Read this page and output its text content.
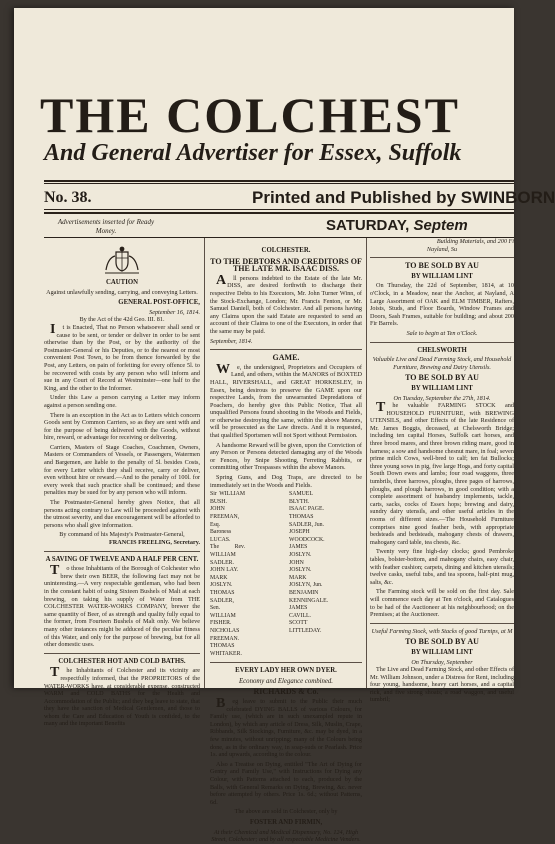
THE COLCHEST
And General Advertiser for Essex, Suffolk
No. 38.	Printed and Published by SWINBORN
Advertisements inserted for Ready Money.	SATURDAY, Septem
CAUTION
Against unlawfully sending, carrying, and conveying Letters.
GENERAL POST-OFFICE,
September 16, 1814.
By the Act of the 42d Geo. III. 81.

It is Enacted, That no Person whatsoever shall send or cause to be sent, or tender or deliver in order to be sent otherwise than by the Post, or by the authority of the Postmaster-General or his Deputies, or to the nearest or most convenient Post Town, to be from thence forwarded by the Post, any Letters, on pain of forfeiting for every offence 5l. to be recovered with costs by any person who will inform and sue in any Court of Record at Westminster—one half to the King, and the other to the Informer.

Under this Law a person carrying a Letter may inform against a person sending one.

There is an exception in the Act as to Letters which concern Goods sent by Common Carriers, so as they are sent with and for the purpose of being delivered with the Goods, without hire, reward, or advantage for receiving or delivering.

Carriers, Masters of Stage Coaches, Coachmen, Owners, Masters or Commanders of Vessels, or Passengers, Watermen and Bargemen, are liable to the penalty of 5l. besides Costs, for every Letter which they shall receive, carry or deliver, even without hire or reward.—And to the penalty of 100l. for every week that such practice shall be continued; and these penalties may be sued for by any person who will inform.

The Postmaster-General hereby gives Notice, that all persons acting contrary to Law will be proceeded against with the utmost severity, and due encouragement will be afforded to persons who shall give information.

By command of his Majesty's Postmaster-General,
FRANCIS FREELING, Secretary.
A SAVING OF TWELVE AND A HALF PER CENT.

To those Inhabitants of the Borough of Colchester who brew their own BEER, the following fact may not be uninteresting.—A very respectable gentleman, who had been in the constant habit of using Sixteen Bushels of Malt at each brewing, on taking his supply of Water from THE COLCHESTER WATER-WORKS COMPANY, brewer the same quantity of Beer, of as strength and quality fully equal to the former, from Fourteen Bushels of Malt only. We believe many other instances might be adduced of the peculiar fitness of this Water, and only for the purpose of brewing, but for all other domestic uses.

COLCHESTER HOT AND COLD BATHS.

The Inhabitants of Colchester and its vicinity are respectfully informed, that the PROPRIETORS of the WATER-WORKS have, at considerable expense, constructed WARM and COLD BATHS for the Health and Accommodation of the Public; and they beg leave to state, that they have the sanction of Medical Gentlemen, and those to whom the Care and Education of Youth is confided, to the many and the important Benefits

COLCHESTER.
TO THE DEBTORS AND CREDITORS OF THE LATE MR. ISAAC DISS.

All persons indebted to the Estate of the late Mr. DISS, are desired forthwith to discharge their respective Debts to his Executors, Mr. John Turner Winn, of the Stock-Exchange, London; Mr. Francis Fenton, or Mr. Samuel Daniell, both of Colchester. And all persons having any Claims upon the said Estate are requested to send an account of their Claims to one of the Executors, in order that the same may be paid.

September, 1814.
GAME.

We, the undersigned, Proprietors and Occupiers of Land, and others, within the MANORS of BOXTED HALL, RIVERSHALL, and GREAT HORKESLEY, in Essex, being desirous to preserve the GAME upon our respective Lands, from the unwarranted Depredations of Poachers, do hereby give this Public Notice, That all unqualified Persons found shooting in the Woods and Fields, or otherwise destroying the same, within the above Manors, will be prosecuted as the Law directs. And it is requested, that qualified Sportsmen will not Sport without Permission.

A handsome Reward will be given, upon the Conviction of any Person or Persons detected damaging any of the Woods or Fences, by Snipe Shooting, Ferreting Rabbits, or committing other Trespasses within the above Manors.

Spring Guns, and Dog Traps, are directed to be immediately set in the Woods and Fields.

Sir WILLIAM BUSH.
JOHN FREEMAN, Esq.
Baroness LUCAS.
The Rev. WILLIAM SADLER.
JOHN LAY.
MARK JOSLYN.
THOMAS SADLER, Sen.
WILLIAM FISHER.
NICHOLAS FREEMAN.
THOMAS WHITAKER.
SAMUEL BLYTH.
ISAAC PAGE.
THOMAS SADLER, Jun.
JOSEPH WOODCOCK.
JAMES JOSLYN.
JOHN JOSLYN.
MARK JOSLYN, Jun.
BENJAMIN KENNINGALE.
JAMES CAVILL.
SCOTT LITTLEDAY.
EVERY LADY HER OWN DYER.
Economy and Elegance combined.
RICHARDS & Co.

Beg leave to submit to the Public their much celebrated DYING BALLS of various Colours, for Family use, (which are in such unexampled repute in London), by which any article of Dress, Silk, Muslin, Crape, Ribbands, Silk Stockings, Furniture, &c. may be dyed, in a few minutes, without unripping; many of the Colours being done, as in the ordinary way, in soap-suds or Pearlash. Price 1s. and upwards, according to the colour.

Also a Treatise on Dying, entitled "The Art of Dying for Gentry and Family Use," with Instructions for Dying any Colour, with Patterns attached to each, produced by the Balls, with General Remarks on Dying, Brewing, &c. never before attempted by others. Price 1s. 6d.; without Patterns, 6d.

The above are sold in Colchester, only by
FOSTER AND FIRMIN,
At their Chemical and Medical Dispensary, No. 124, High Street, Colchester; and by all respectable Medicine Venders.
Building Materials, and 200 Fi
Nayland, Su
TO BE SOLD BY AU
BY WILLIAM LINT

On Thursday, the 22d of September, 1814, at 10 o'Clock, in a Meadow, near the Anchor, at Nayland, A Large Assortment of OAK and ELM TIMBER, Rafters, Joists, Studs, and Floor Boards, Window Frames and Doors, Sash Frames, suitable for building; and about 200 Fir Barrels.

Sale to begin at Ten o'Clock.
CHELSWORTH
Valuable Live and Dead Farming Stock, and Household Furniture, Brewing and Dairy Utensils.
TO BE SOLD BY AU
BY WILLIAM LINT
On Tuesday, September the 27th, 1814.

The valuable FARMING STOCK and HOUSEHOLD FURNITURE, with BREWING UTENSILS, and other Effects of the late Residence of Mr. James Boggis, deceased, at Chelsworth Bridge; including ten capital Horses, Suffolk cart horses, and three brood mares, and three brown riding mare, good in harness; a sow and handsome chesnut mare, in foal; seven prime milch Cows, well-bred to calf; ten fat Bullocks; three young sows in pig, five large Hogs, and forty capital South Down ewes and lambs; four road waggons, three tumbrils, three harrows, ploughs, three pages of harrows, ploughs, and plough harrows, in good condition; with a complete assortment of husbandry implements, tackle, carts, sacks, cocks of Essex hops; brewing and dairy, sundry dairy utensils, and other useful articles in the rooms of different sizes.—The Household Furniture comprises nine good feather beds, with appropriate bedsteads and bedsteads, mahogany chests of drawers, mahogany card table, tea chests, &c.

Twenty very fine high-day clocks; good Pembroke tables, bolster-bottom, and mahogany chairs, easy chair, with feather cushion; carpets, dining and kitchen utensils; twelve casks, useful tubs, and tea spoons, half-pint mug, salts, &c.

The Farming stock will be sold on the first day. Sale will commence each day at Ten o'clock, and Catalogues to be had of the Auctioneer at his neighbourhood; on the Premises; at the Auctioneer.

Useful Farming Stock, with Stacks of good Turnips, at M
TO BE SOLD BY AU
BY WILLIAM LINT
On Thursday, September

The Live and Dead Farming Stock, and other Effects of Mr. William Johnson, under a Distress for Rent, including four young, handsome, heavy cart horses, and a capital rick, and five strong shoats; a road waggon, and useful tumbril;
